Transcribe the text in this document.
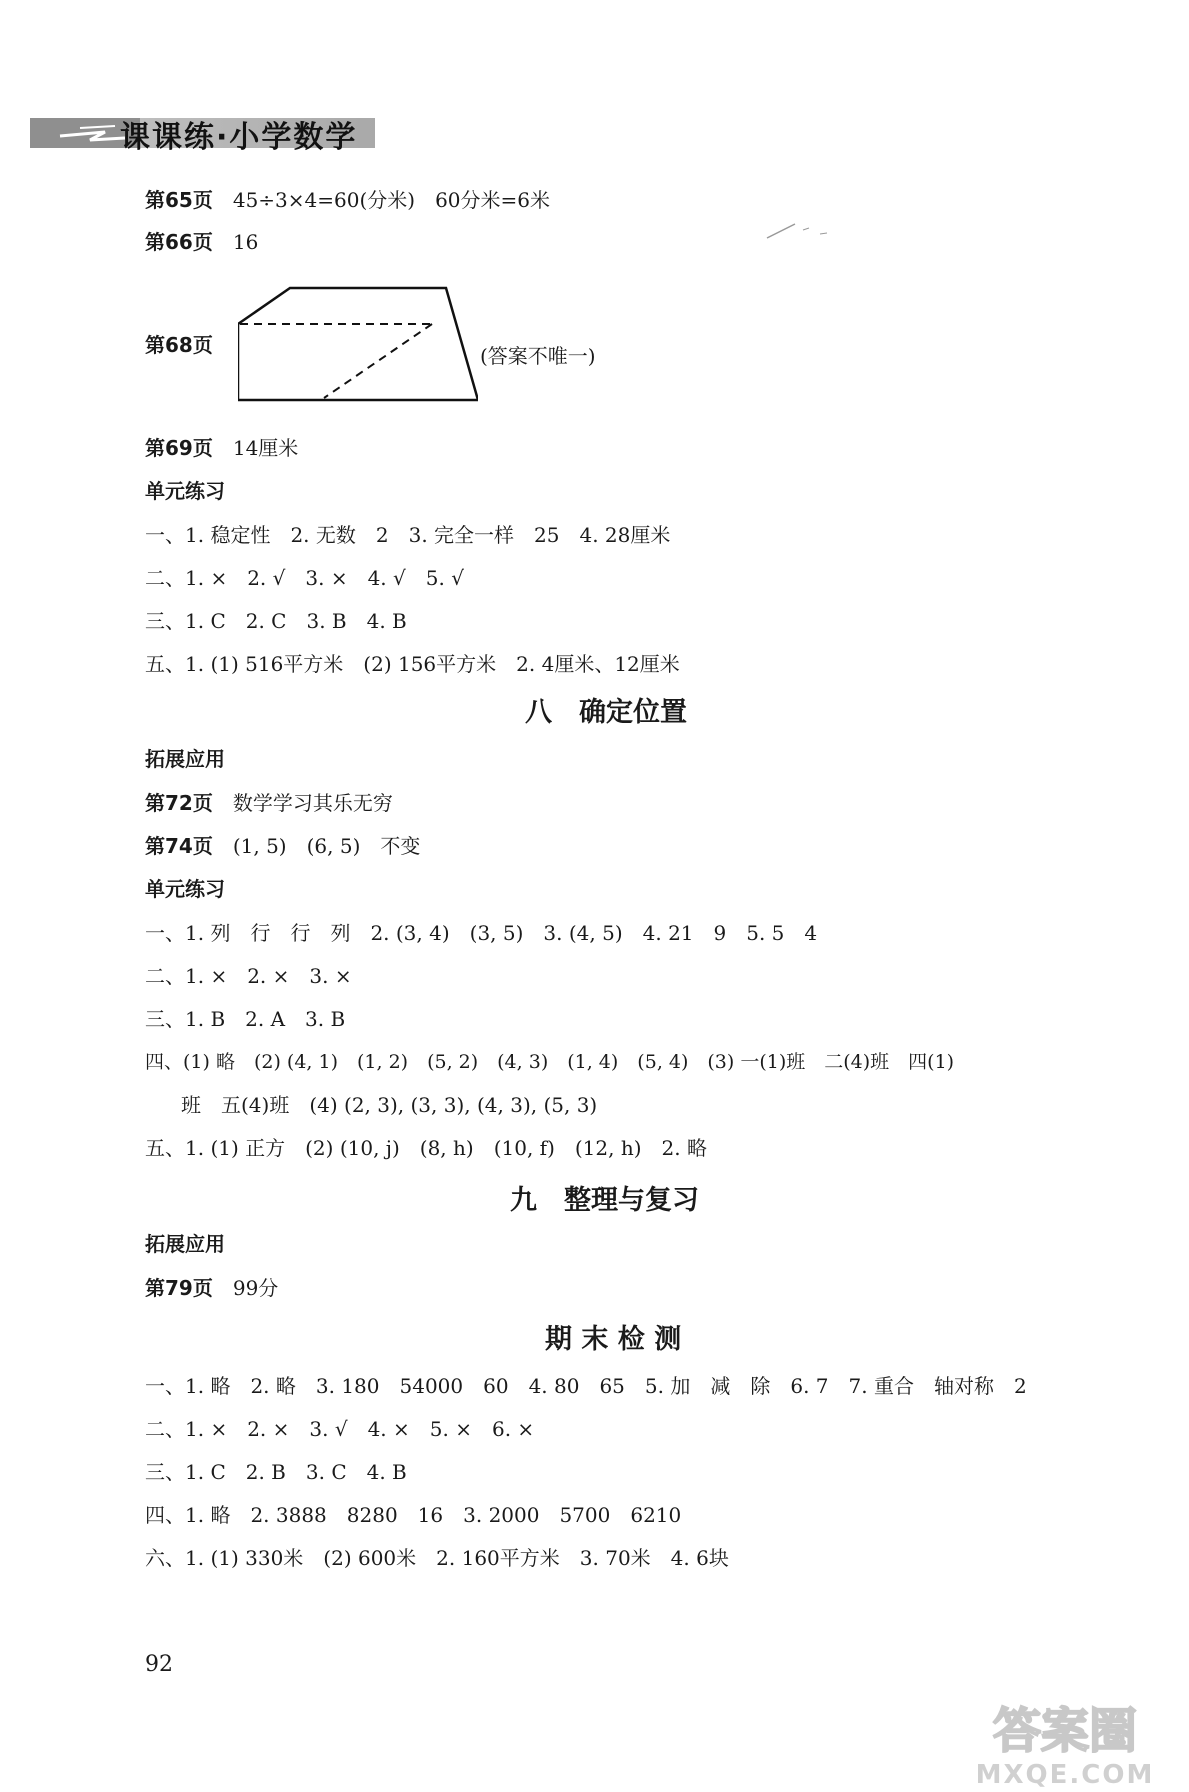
课课练·小学数学
第65页　 45÷3×4=60(分米)　60分米=6米
第66页　 16
第68页	(答案不唯一)
第69页　 14厘米
单元练习
一、1. 稳定性　2. 无数　2　3. 完全一样　25　4. 28厘米
二、1. ×　2. √　3. ×　4. √　5. √
三、1. C　2. C　3. B　4. B
五、1. (1) 516平方米　(2) 156平方米　2. 4厘米、12厘米
八　确定位置
拓展应用
第72页　 数学学习其乐无穷
第74页　 (1, 5)　(6, 5)　不变
单元练习
一、1. 列　行　行　列　2. (3, 4)　(3, 5)　3. (4, 5)　4. 21　9　5. 5　4
二、1. ×　2. ×　3. ×
三、1. B　2. A　3. B
四、(1) 略　(2) (4, 1)　(1, 2)　(5, 2)　(4, 3)　(1, 4)　(5, 4)　(3) 一(1)班　二(4)班　四(1)
班　五(4)班　(4) (2, 3), (3, 3), (4, 3), (5, 3)
五、1. (1) 正方　(2) (10, j)　(8, h)　(10, f)　(12, h)　2. 略
九　整理与复习
拓展应用
第79页　 99分
期 末 检 测
一、1. 略　2. 略　3. 180　54000　60　4. 80　65　5. 加　减　除　6. 7　7. 重合　轴对称　2
二、1. ×　2. ×　3. √　4. ×　5. ×　6. ×
三、1. C　2. B　3. C　4. B
四、1. 略　2. 3888　8280　16　3. 2000　5700　6210
六、1. (1) 330米　(2) 600米　2. 160平方米　3. 70米　4. 6块
92
答案圈
MXQE.COM
